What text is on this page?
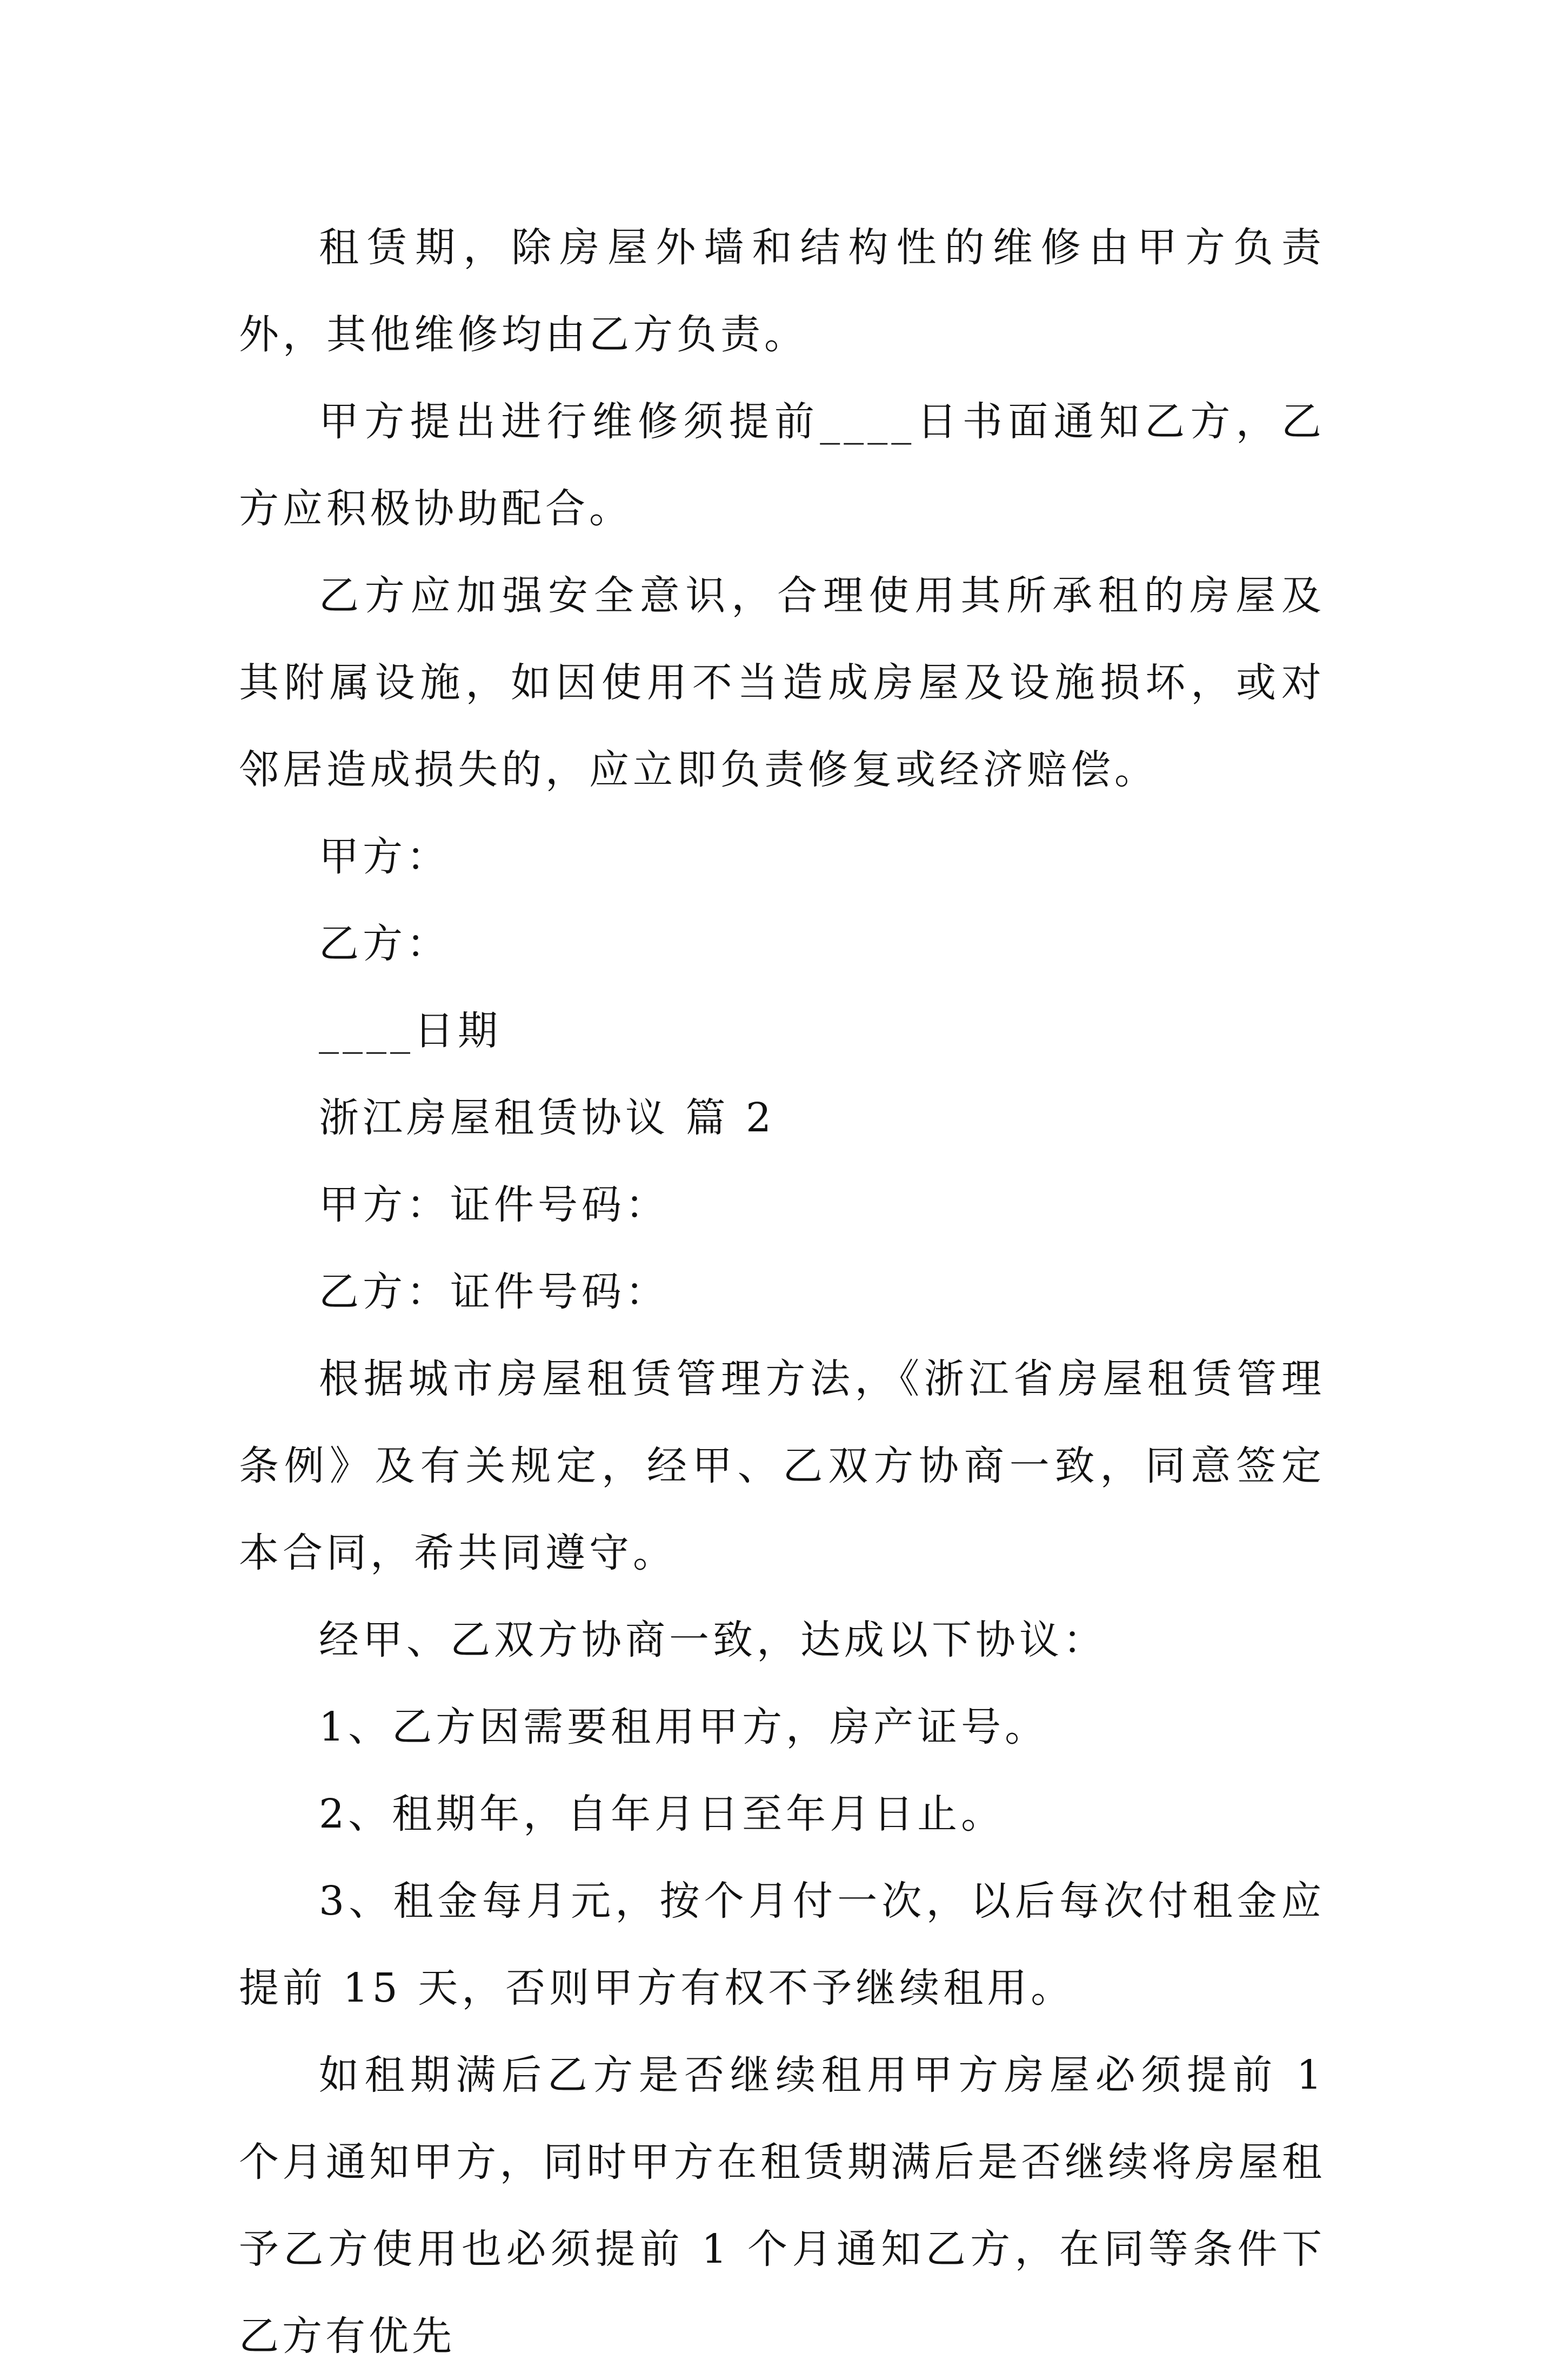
租赁期，除房屋外墙和结构性的维修由甲方负责外，其他维修均由乙方负责。

甲方提出进行维修须提前____日书面通知乙方，乙方应积极协助配合。

乙方应加强安全意识，合理使用其所承租的房屋及其附属设施，如因使用不当造成房屋及设施损坏，或对邻居造成损失的，应立即负责修复或经济赔偿。

甲方：

乙方：

____日期

浙江房屋租赁协议 篇 2

甲方：证件号码：

乙方：证件号码：

根据城市房屋租赁管理方法，《浙江省房屋租赁管理条例》及有关规定，经甲、乙双方协商一致，同意签定本合同，希共同遵守。

经甲、乙双方协商一致，达成以下协议：

1、乙方因需要租用甲方，房产证号。

2、租期年，自年月日至年月日止。

3、租金每月元，按个月付一次，以后每次付租金应提前 15 天，否则甲方有权不予继续租用。

如租期满后乙方是否继续租用甲方房屋必须提前 1 个月通知甲方，同时甲方在租赁期满后是否继续将房屋租予乙方使用也必须提前 1 个月通知乙方，在同等条件下乙方有优先
